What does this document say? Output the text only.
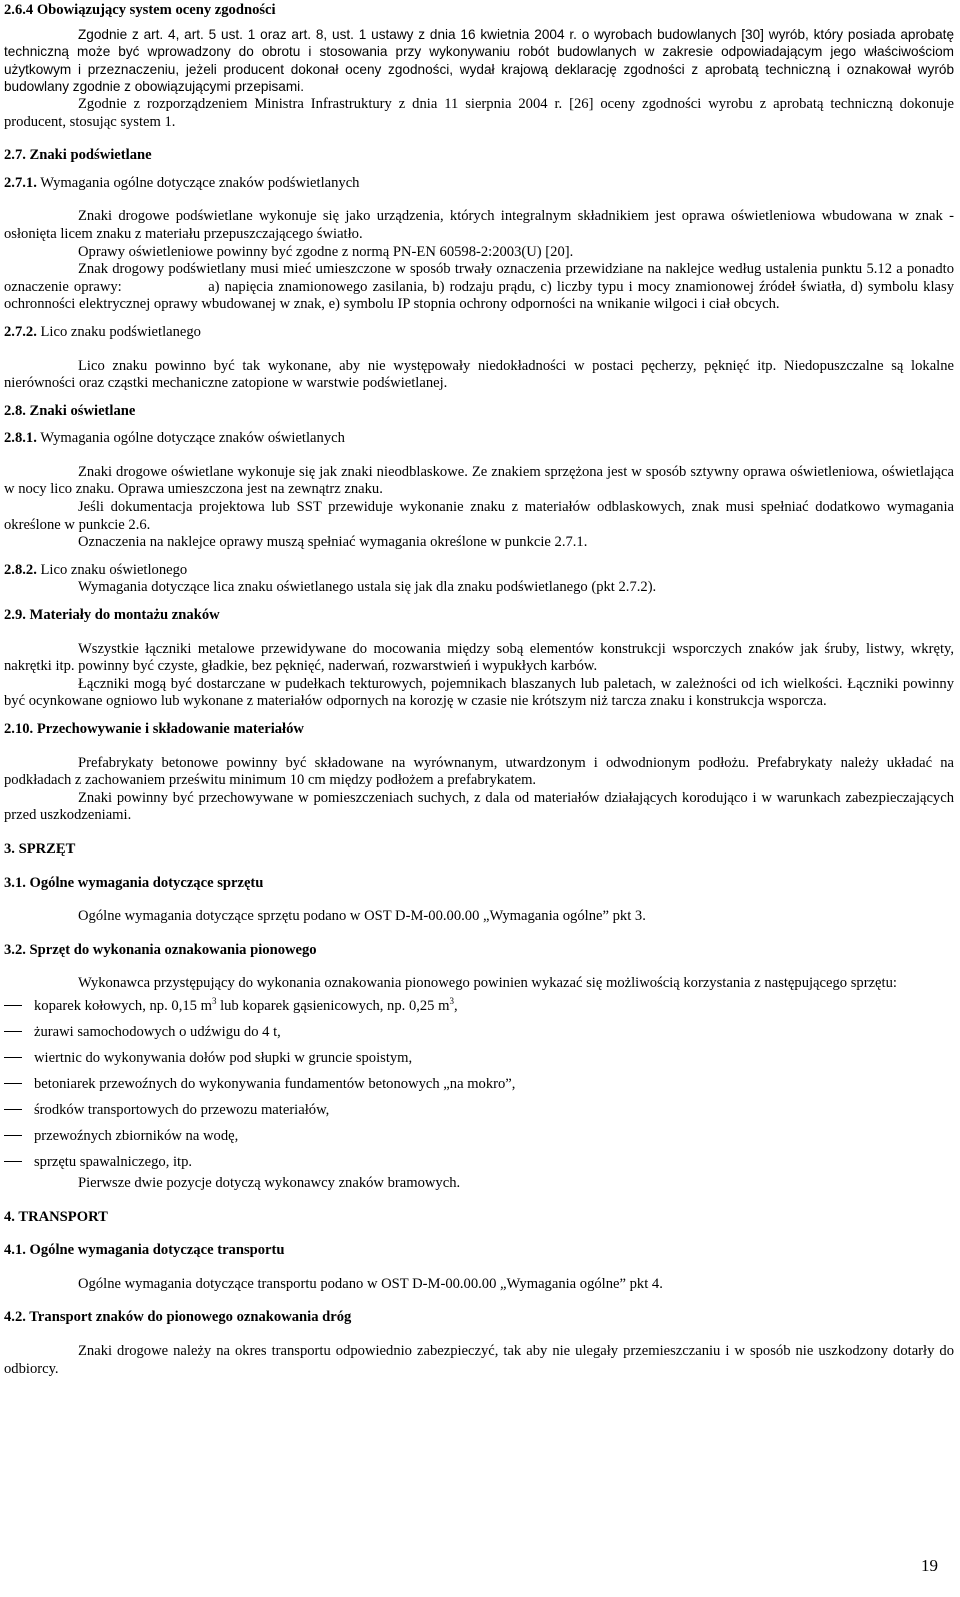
2.6.4 Obowiązujący system oceny zgodności
Zgodnie z art. 4, art. 5 ust. 1 oraz art. 8, ust. 1 ustawy z dnia 16 kwietnia 2004 r. o wyrobach budowlanych [30] wyrób, który posiada aprobatę techniczną może być wprowadzony do obrotu i stosowania przy wykonywaniu robót budowlanych w zakresie odpowiadającym jego właściwościom użytkowym i przeznaczeniu, jeżeli producent dokonał oceny zgodności, wydał krajową deklarację zgodności z aprobatą techniczną i oznakował wyrób budowlany zgodnie z obowiązującymi przepisami.
Zgodnie z rozporządzeniem Ministra Infrastruktury z dnia 11 sierpnia 2004 r. [26] oceny zgodności wyrobu z aprobatą techniczną dokonuje producent, stosując system 1.
2.7. Znaki podświetlane
2.7.1. Wymagania ogólne dotyczące znaków podświetlanych
Znaki drogowe podświetlane wykonuje się jako urządzenia, których integralnym składnikiem jest oprawa oświetleniowa wbudowana w znak - osłonięta licem znaku z materiału przepuszczającego światło.
Oprawy oświetleniowe powinny być zgodne z normą PN-EN 60598-2:2003(U) [20].
Znak drogowy podświetlany musi mieć umieszczone w sposób trwały oznaczenia przewidziane na naklejce według ustalenia punktu 5.12 a ponadto oznaczenie oprawy:                 a) napięcia znamionowego zasilania, b) rodzaju prądu, c) liczby typu i mocy znamionowej źródeł światła, d) symbolu klasy ochronności elektrycznej oprawy wbudowanej w znak, e) symbolu IP stopnia ochrony odporności na wnikanie wilgoci i ciał obcych.
2.7.2. Lico znaku podświetlanego
Lico znaku powinno być tak wykonane, aby nie występowały niedokładności w postaci pęcherzy, pęknięć itp. Niedopuszczalne są lokalne nierówności oraz cząstki mechaniczne zatopione w warstwie podświetlanej.
2.8. Znaki oświetlane
2.8.1. Wymagania ogólne dotyczące znaków oświetlanych
Znaki drogowe oświetlane wykonuje się jak znaki nieodblaskowe. Ze znakiem sprzężona jest w sposób sztywny oprawa oświetleniowa, oświetlająca w nocy lico znaku. Oprawa umieszczona jest na zewnątrz znaku.
Jeśli dokumentacja projektowa lub SST przewiduje wykonanie znaku z materiałów odblaskowych, znak musi spełniać dodatkowo wymagania określone w punkcie 2.6.
Oznaczenia na naklejce oprawy muszą spełniać wymagania określone w punkcie 2.7.1.
2.8.2. Lico znaku oświetlonego
Wymagania dotyczące lica znaku oświetlanego ustala się jak dla znaku podświetlanego (pkt 2.7.2).
2.9. Materiały do montażu znaków
Wszystkie łączniki metalowe przewidywane do mocowania między sobą elementów konstrukcji wsporczych znaków jak śruby, listwy, wkręty, nakrętki itp. powinny być czyste, gładkie, bez pęknięć, naderwań, rozwarstwień i wypukłych karbów.
Łączniki mogą być dostarczane w pudełkach tekturowych, pojemnikach blaszanych lub paletach, w zależności od ich wielkości. Łączniki powinny być ocynkowane ogniowo lub wykonane z materiałów odpornych na korozję w czasie nie krótszym niż tarcza znaku i konstrukcja wsporcza.
2.10. Przechowywanie i składowanie materiałów
Prefabrykaty betonowe powinny być składowane na wyrównanym, utwardzonym i odwodnionym podłożu. Prefabrykaty należy układać na podkładach z zachowaniem prześwitu minimum 10 cm między podłożem a prefabrykatem.
Znaki powinny być przechowywane w pomieszczeniach suchych, z dala od materiałów działających korodująco i w warunkach zabezpieczających przed uszkodzeniami.
3. SPRZĘT
3.1. Ogólne wymagania dotyczące sprzętu
Ogólne wymagania dotyczące sprzętu podano w OST D-M-00.00.00 „Wymagania ogólne” pkt 3.
3.2. Sprzęt do wykonania oznakowania pionowego
Wykonawca przystępujący do wykonania oznakowania pionowego powinien wykazać się możliwością korzystania z następującego sprzętu:
koparek kołowych, np. 0,15 $m^3$ lub koparek gąsienicowych, np. 0,25 $m^3$,
żurawi samochodowych o udźwigu do 4 t,
wiertnic do wykonywania dołów pod słupki w gruncie spoistym,
betoniarek przewoźnych do wykonywania fundamentów betonowych „na mokro”,
środków transportowych do przewozu materiałów,
przewoźnych zbiorników na wodę,
sprzętu spawalniczego, itp.
Pierwsze dwie pozycje dotyczą wykonawcy znaków bramowych.
4. TRANSPORT
4.1. Ogólne wymagania dotyczące transportu
Ogólne wymagania dotyczące transportu podano w OST D-M-00.00.00 „Wymagania ogólne” pkt 4.
4.2. Transport znaków do pionowego oznakowania dróg
Znaki drogowe należy na okres transportu odpowiednio zabezpieczyć, tak aby nie ulegały przemieszczaniu i w sposób nie uszkodzony dotarły do odbiorcy.
19
